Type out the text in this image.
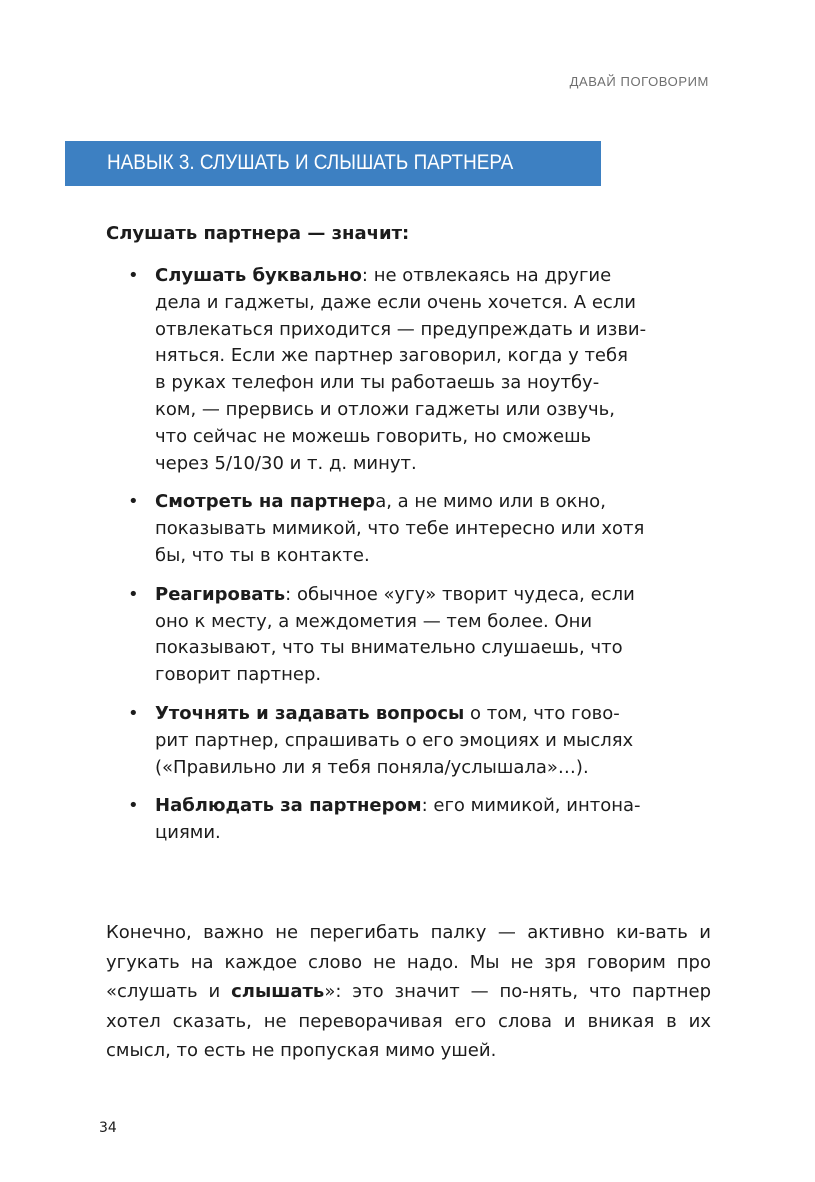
ДАВАЙ ПОГОВОРИМ
НАВЫК 3. СЛУШАТЬ И СЛЫШАТЬ ПАРТНЕРА
Слушать партнера — значит:
• Слушать буквально: не отвлекаясь на другие
дела и гаджеты, даже если очень хочется. А если
отвлекаться приходится — предупреждать и изви-
няться. Если же партнер заговорил, когда у тебя
в руках телефон или ты работаешь за ноутбу-
ком, — прервись и отложи гаджеты или озвучь,
что сейчас не можешь говорить, но сможешь
через 5/10/30 и т. д. минут.
• Смотреть на партнера, а не мимо или в окно,
показывать мимикой, что тебе интересно или хотя
бы, что ты в контакте.
• Реагировать: обычное «угу» творит чудеса, если
оно к месту, а междометия — тем более. Они
показывают, что ты внимательно слушаешь, что
говорит партнер.
• Уточнять и задавать вопросы о том, что гово-
рит партнер, спрашивать о его эмоциях и мыслях
(«Правильно ли я тебя поняла/услышала»…).
• Наблюдать за партнером: его мимикой, интона-
циями.

Конечно, важно не перегибать палку — активно ки-вать и угукать на каждое слово не надо. Мы не зря говорим про «слушать и слышать»: это значит — по-нять, что партнер хотел сказать, не переворачивая его слова и вникая в их смысл, то есть не пропуская мимо ушей.

34
